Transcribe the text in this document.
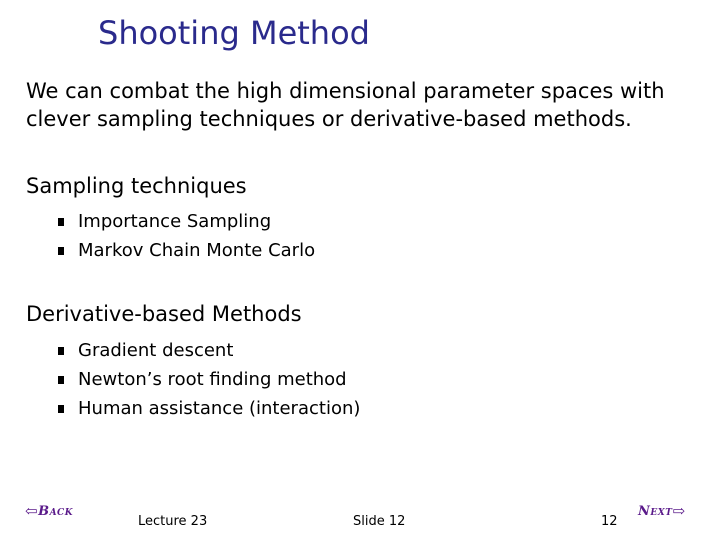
Shooting Method
We can combat the high dimensional parameter spaces with
clever sampling techniques or derivative-based methods.
Sampling techniques
Importance Sampling
Markov Chain Monte Carlo
Derivative-based Methods
Gradient descent
Newton’s root finding method
Human assistance (interaction)
⇦ Back
Lecture 23	Slide 12	12
Next ⇨
